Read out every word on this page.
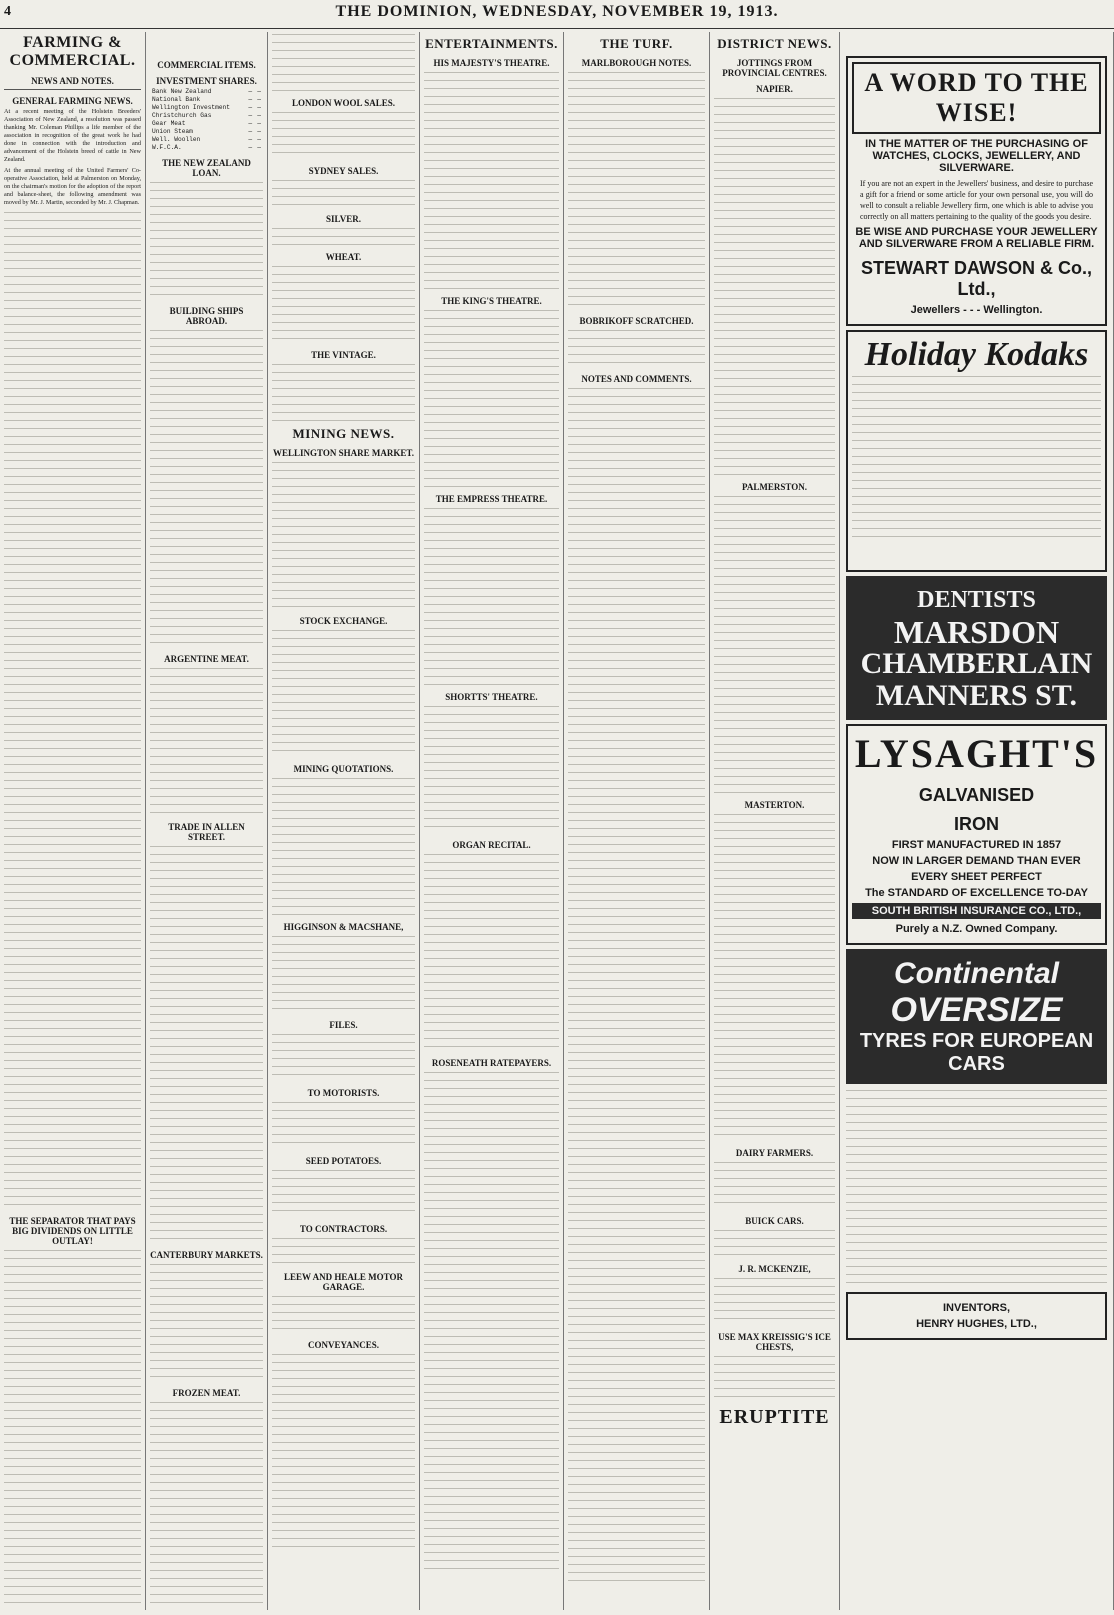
4	THE DOMINION, WEDNESDAY, NOVEMBER 19, 1913.
FARMING & COMMERCIAL.
NEWS AND NOTES.
GENERAL FARMING NEWS.

At a recent meeting of the Holstein Breeders' Association of New Zealand, a resolution was passed thanking Mr. Coleman Phillips a life member of the association in recognition of the great work he had done in connection with the introduction and advancement of the Holstein breed of cattle in New Zealand.

At the annual meeting of the United Farmers' Co-operative Association, held at Palmerston on Monday, on the chairman's motion for the adoption of the report and balance-sheet, the following amendment was moved by Mr. J. Martin, seconded by Mr. J. Chapman.

THE SEPARATOR THAT PAYS BIG DIVIDENDS ON LITTLE OUTLAY!
COMMERCIAL ITEMS.
INVESTMENT SHARES.
Bank New Zealand	—	—
National Bank	—	—
Wellington Investment	—	—
Christchurch Gas	—	—
Gear Meat	—	—
Union Steam	—	—
Well. Woollen	—	—
W.F.C.A.	—	—
THE NEW ZEALAND LOAN.
BUILDING SHIPS ABROAD.
ARGENTINE MEAT.
TRADE IN ALLEN STREET.
CANTERBURY MARKETS.
FROZEN MEAT.
LONDON WOOL SALES.
SYDNEY SALES.
SILVER.
WHEAT.
THE VINTAGE.
MINING NEWS.
WELLINGTON SHARE MARKET.
STOCK EXCHANGE.
MINING QUOTATIONS.
HIGGINSON & MACSHANE,
FILES.
TO MOTORISTS.
SEED POTATOES.
TO CONTRACTORS.
LEEW AND HEALE MOTOR GARAGE.
CONVEYANCES.
ENTERTAINMENTS.
HIS MAJESTY'S THEATRE.
THE KING'S THEATRE.
THE EMPRESS THEATRE.
SHORTTS' THEATRE.
ORGAN RECITAL.
ROSENEATH RATEPAYERS.
THE TURF.
MARLBOROUGH NOTES.
BOBRIKOFF SCRATCHED.
NOTES AND COMMENTS.
DISTRICT NEWS.
JOTTINGS FROM PROVINCIAL CENTRES.
NAPIER.
PALMERSTON.
MASTERTON.
DAIRY FARMERS.
BUICK CARS.
J. R. MCKENZIE,
USE MAX KREISSIG'S ICE CHESTS,
ERUPTITE
A WORD TO THE WISE!
IN THE MATTER OF THE PURCHASING OF WATCHES, CLOCKS, JEWELLERY, AND SILVERWARE.
If you are not an expert in the Jewellers' business, and desire to purchase a gift for a friend or some article for your own personal use, you will do well to consult a reliable Jewellery firm, one which is able to advise you correctly on all matters pertaining to the quality of the goods you desire.
BE WISE AND PURCHASE YOUR JEWELLERY AND SILVERWARE FROM A RELIABLE FIRM.
STEWART DAWSON & Co., Ltd.,
Jewellers - - - Wellington.
Holiday Kodaks
DENTISTS
MARSDON
CHAMBERLAIN
MANNERS ST.
LYSAGHT'S
GALVANISED
IRON
FIRST MANUFACTURED IN 1857
NOW IN LARGER DEMAND THAN EVER
EVERY SHEET PERFECT
The STANDARD OF EXCELLENCE TO-DAY
SOUTH BRITISH INSURANCE CO., LTD.,
Purely a N.Z. Owned Company.
Continental
OVERSIZE
TYRES FOR EUROPEAN CARS
INVENTORS,
HENRY HUGHES, LTD.,
